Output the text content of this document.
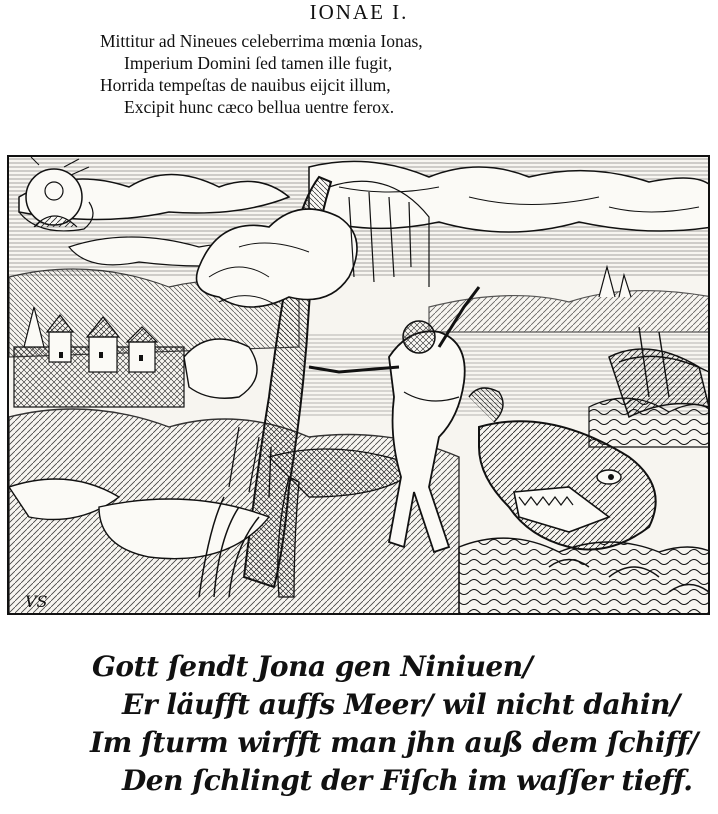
IONAE I.
Mittitur ad Nineues celeberrima mœnia Ionas,
Imperium Domini ſed tamen ille fugit,
Horrida tempeſtas de nauibus eijcit illum,
Excipit hunc cæco bellua uentre ferox.
VS
Gott ſendt Jona gen Niniuen/
Er läufft auffs Meer/ wil nicht dahin/
Im ſturm wirfft man jhn auß dem ſchiff/
Den ſchlingt der Fiſch im waſſer tieff.
